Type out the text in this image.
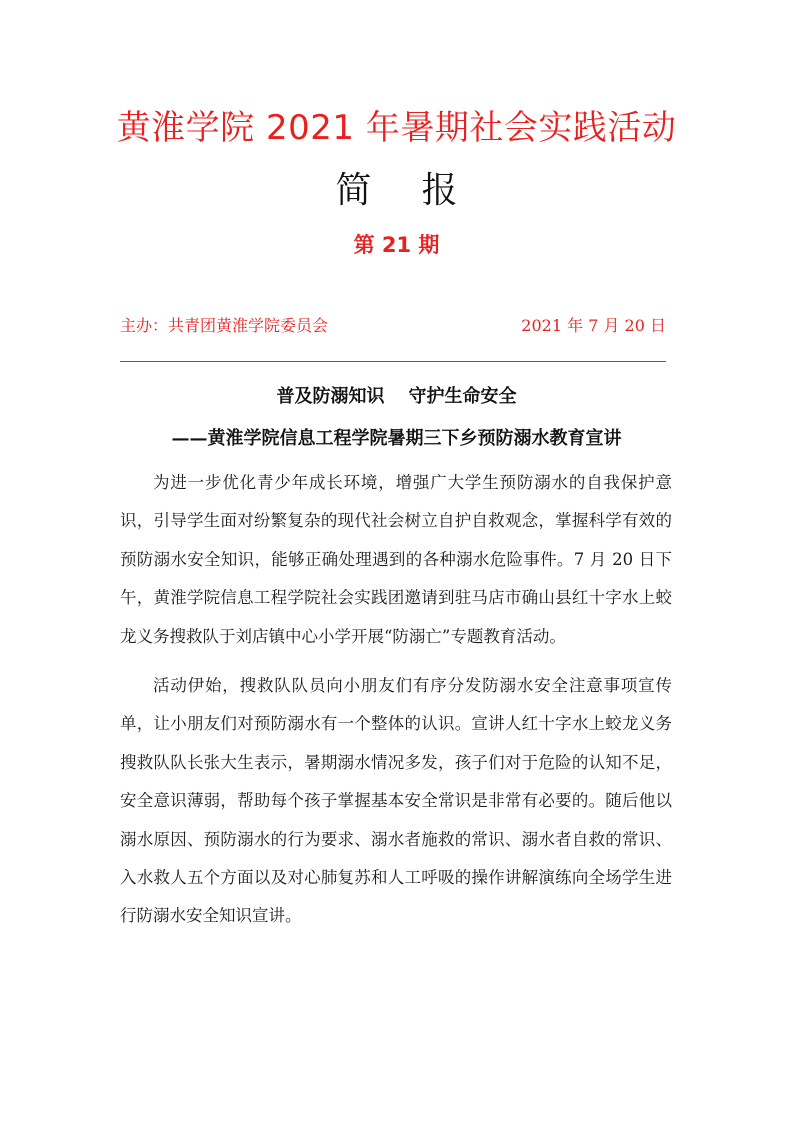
黄淮学院 2021 年暑期社会实践活动
简 报
第 21 期
主办：共青团黄淮学院委员会	2021 年 7 月 20 日
普及防溺知识 守护生命安全
——黄淮学院信息工程学院暑期三下乡预防溺水教育宣讲

为进一步优化青少年成长环境，增强广大学生预防溺水的自我保护意识，引导学生面对纷繁复杂的现代社会树立自护自救观念，掌握科学有效的预防溺水安全知识，能够正确处理遇到的各种溺水危险事件。7 月 20 日下午，黄淮学院信息工程学院社会实践团邀请到驻马店市确山县红十字水上蛟龙义务搜救队于刘店镇中心小学开展“防溺亡”专题教育活动。

活动伊始，搜救队队员向小朋友们有序分发防溺水安全注意事项宣传单，让小朋友们对预防溺水有一个整体的认识。宣讲人红十字水上蛟龙义务搜救队队长张大生表示，暑期溺水情况多发，孩子们对于危险的认知不足，安全意识薄弱，帮助每个孩子掌握基本安全常识是非常有必要的。随后他以溺水原因、预防溺水的行为要求、溺水者施救的常识、溺水者自救的常识、入水救人五个方面以及对心肺复苏和人工呼吸的操作讲解演练向全场学生进行防溺水安全知识宣讲。
